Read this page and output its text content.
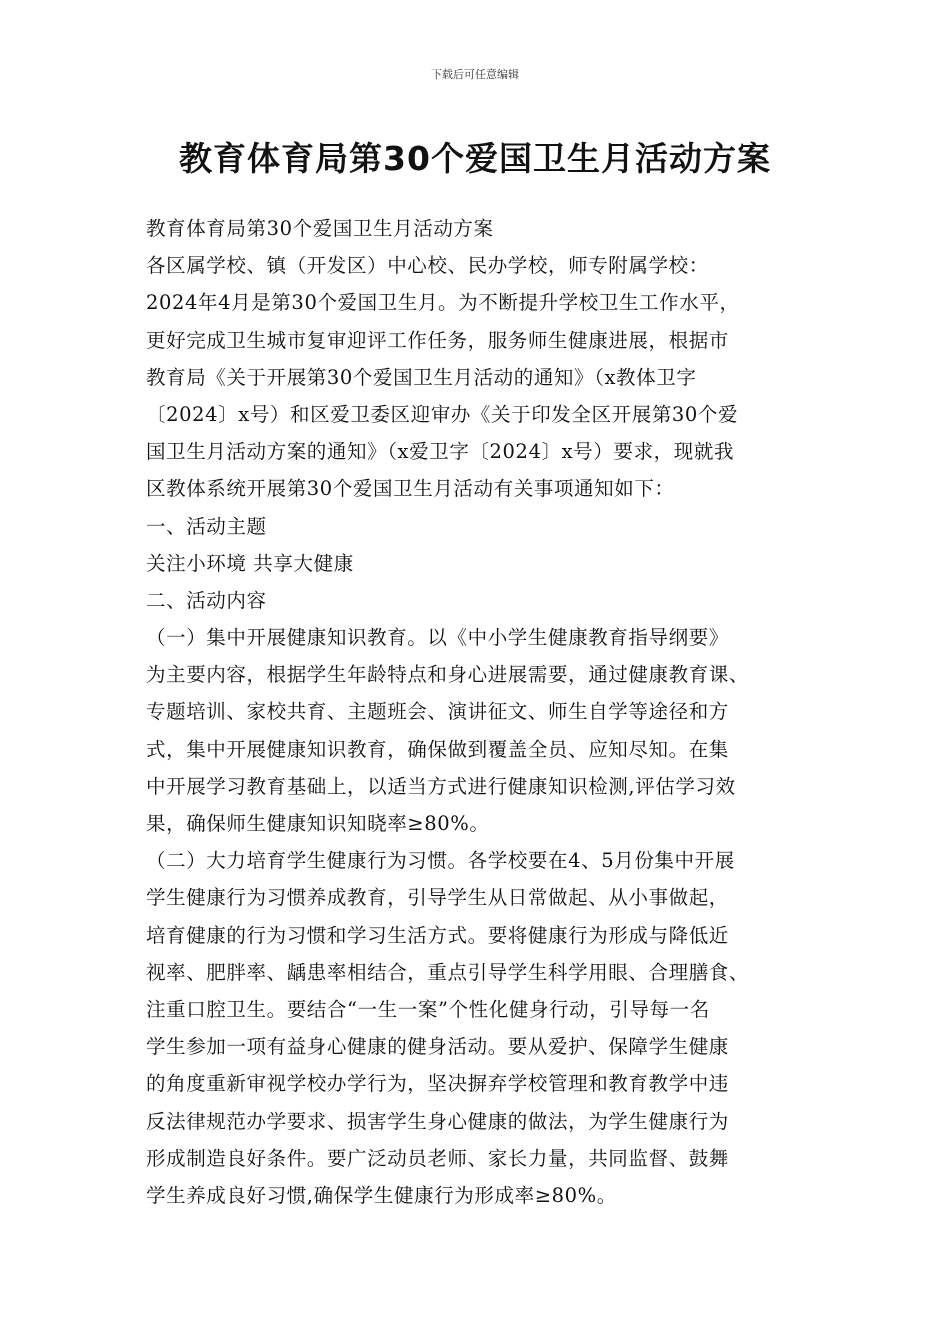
下载后可任意编辑
教育体育局第30个爱国卫生月活动方案
教育体育局第30个爱国卫生月活动方案
各区属学校、镇（开发区）中心校、民办学校，师专附属学校：
2024年4月是第30个爱国卫生月。为不断提升学校卫生工作水平，
更好完成卫生城市复审迎评工作任务，服务师生健康进展，根据市
教育局《关于开展第30个爱国卫生月活动的通知》（x教体卫字
〔2024〕x号）和区爱卫委区迎审办《关于印发全区开展第30个爱
国卫生月活动方案的通知》（x爱卫字〔2024〕x号）要求，现就我
区教体系统开展第30个爱国卫生月活动有关事项通知如下：
一、活动主题
关注小环境 共享大健康
二、活动内容
（一）集中开展健康知识教育。以《中小学生健康教育指导纲要》
为主要内容，根据学生年龄特点和身心进展需要，通过健康教育课、
专题培训、家校共育、主题班会、演讲征文、师生自学等途径和方
式，集中开展健康知识教育，确保做到覆盖全员、应知尽知。在集
中开展学习教育基础上，以适当方式进行健康知识检测,评估学习效
果，确保师生健康知识知晓率≥80%。
（二）大力培育学生健康行为习惯。各学校要在4、5月份集中开展
学生健康行为习惯养成教育，引导学生从日常做起、从小事做起，
培育健康的行为习惯和学习生活方式。要将健康行为形成与降低近
视率、肥胖率、龋患率相结合，重点引导学生科学用眼、合理膳食、
注重口腔卫生。要结合“一生一案”个性化健身行动，引导每一名
学生参加一项有益身心健康的健身活动。要从爱护、保障学生健康
的角度重新审视学校办学行为，坚决摒弃学校管理和教育教学中违
反法律规范办学要求、损害学生身心健康的做法，为学生健康行为
形成制造良好条件。要广泛动员老师、家长力量，共同监督、鼓舞
学生养成良好习惯,确保学生健康行为形成率≥80%。
